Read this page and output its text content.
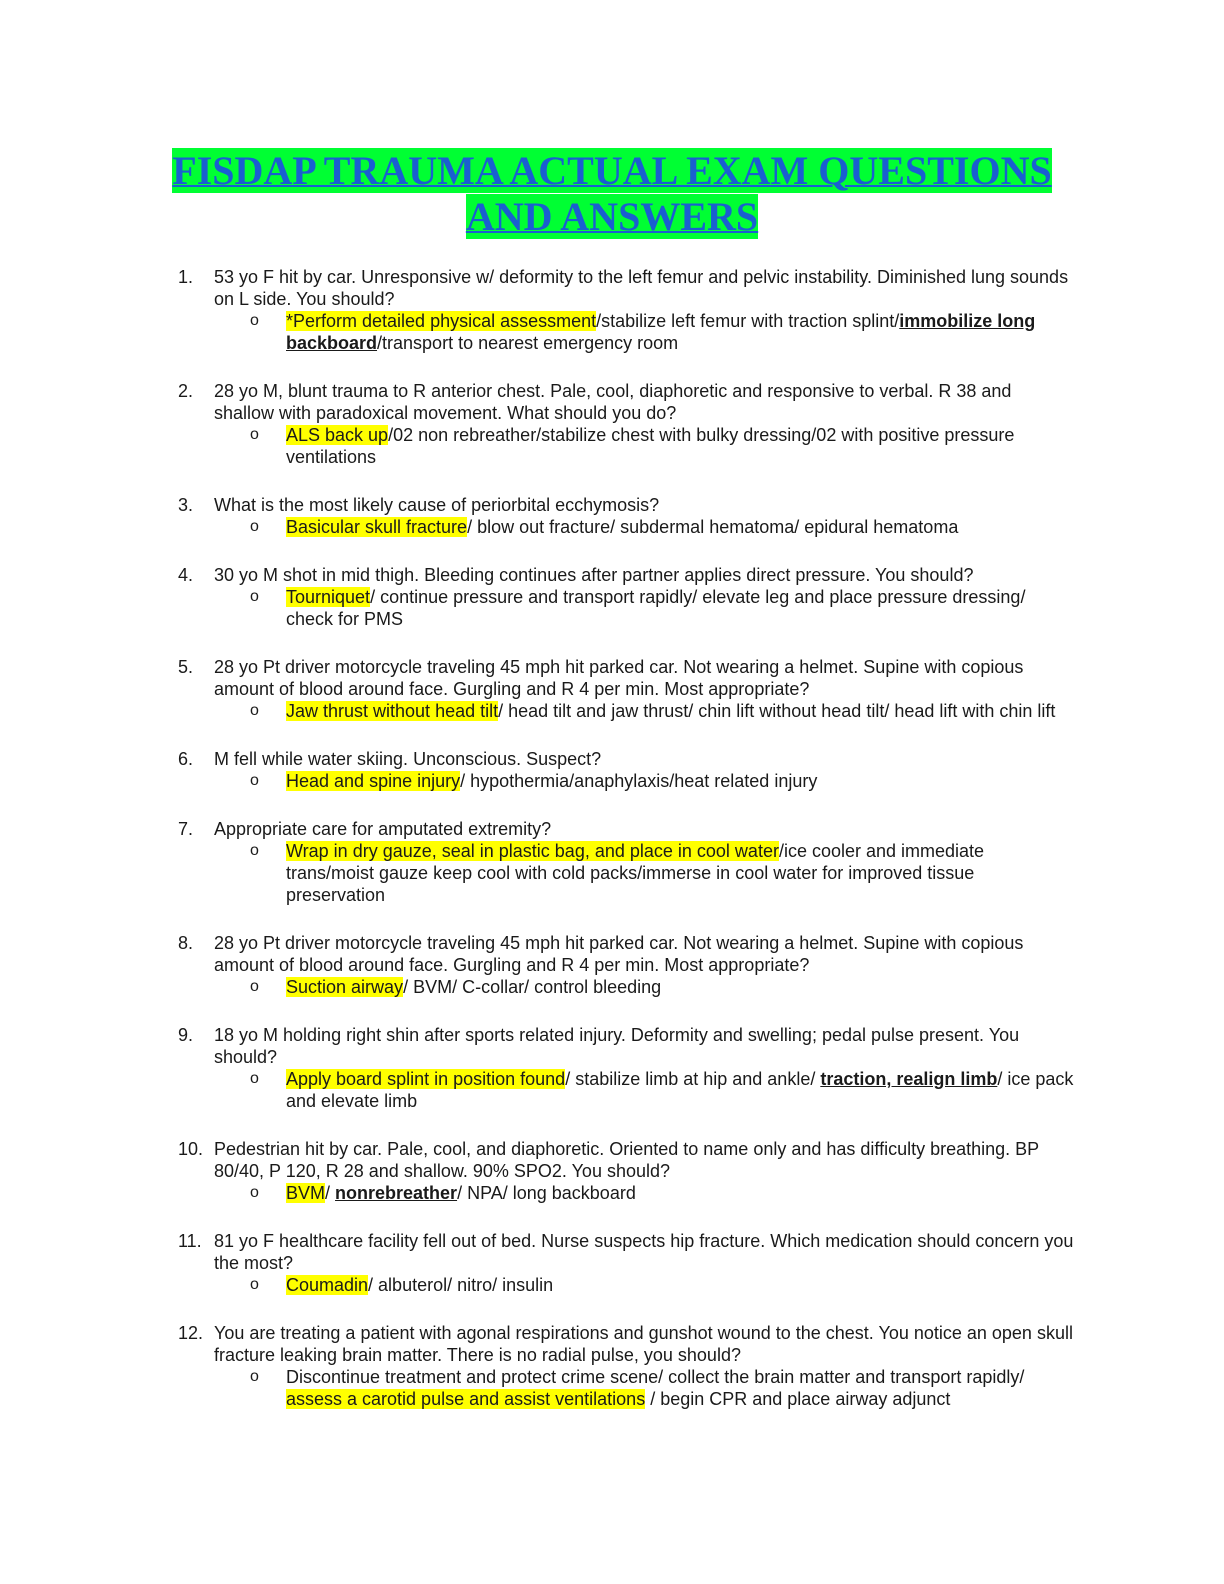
FISDAP TRAUMA ACTUAL EXAM QUESTIONS
AND ANSWERS
1.	53 yo F hit by car. Unresponsive w/ deformity to the left femur and pelvic instability. Diminished lung sounds on L side. You should?
o *Perform detailed physical assessment/stabilize left femur with traction splint/immobilize long backboard/transport to nearest emergency room
2.	28 yo M, blunt trauma to R anterior chest. Pale, cool, diaphoretic and responsive to verbal. R 38 and shallow with paradoxical movement. What should you do?
o ALS back up/02 non rebreather/stabilize chest with bulky dressing/02 with positive pressure ventilations
3.	What is the most likely cause of periorbital ecchymosis?
o Basicular skull fracture/ blow out fracture/ subdermal hematoma/ epidural hematoma
4.	30 yo M shot in mid thigh. Bleeding continues after partner applies direct pressure. You should?
o Tourniquet/ continue pressure and transport rapidly/ elevate leg and place pressure dressing/ check for PMS
5.	28 yo Pt driver motorcycle traveling 45 mph hit parked car. Not wearing a helmet. Supine with copious amount of blood around face. Gurgling and R 4 per min. Most appropriate?
o Jaw thrust without head tilt/ head tilt and jaw thrust/ chin lift without head tilt/ head lift with chin lift
6.	M fell while water skiing. Unconscious. Suspect?
o Head and spine injury/ hypothermia/anaphylaxis/heat related injury
7.	Appropriate care for amputated extremity?
o Wrap in dry gauze, seal in plastic bag, and place in cool water/ice cooler and immediate trans/moist gauze keep cool with cold packs/immerse in cool water for improved tissue preservation
8.	28 yo Pt driver motorcycle traveling 45 mph hit parked car. Not wearing a helmet. Supine with copious amount of blood around face. Gurgling and R 4 per min. Most appropriate?
o Suction airway/ BVM/ C-collar/ control bleeding
9.	18 yo M holding right shin after sports related injury. Deformity and swelling; pedal pulse present. You should?
o Apply board splint in position found/ stabilize limb at hip and ankle/ traction, realign limb/ ice pack and elevate limb
10. Pedestrian hit by car. Pale, cool, and diaphoretic. Oriented to name only and has difficulty breathing. BP 80/40, P 120, R 28 and shallow. 90% SPO2. You should?
o BVM/ nonrebreather/ NPA/ long backboard
11. 81 yo F healthcare facility fell out of bed. Nurse suspects hip fracture. Which medication should concern you the most?
o Coumadin/ albuterol/ nitro/ insulin
12. You are treating a patient with agonal respirations and gunshot wound to the chest. You notice an open skull fracture leaking brain matter. There is no radial pulse, you should?
o Discontinue treatment and protect crime scene/ collect the brain matter and transport rapidly/ assess a carotid pulse and assist ventilations / begin CPR and place airway adjunct
